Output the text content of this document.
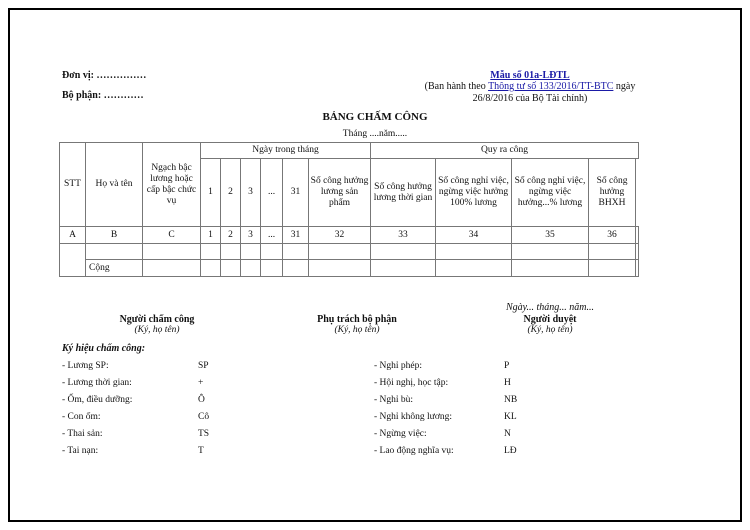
Đơn vị: ……………
Bộ phận: …………
Mẫu số 01a-LĐTL
(Ban hành theo Thông tư số 133/2016/TT-BTC ngày
26/8/2016 của Bộ Tài chính)
BẢNG CHẤM CÔNG
Tháng ....năm.....
STT	Họ và tên	Ngạch bậc lương hoặc cấp bậc chức vụ	Ngày trong tháng						Quy ra công				
			1	2	3	...	31	Số công hưởng lương sản phẩm	Số công hưởng lương thời gian	Số công nghỉ việc, ngừng việc hưởng 100% lương	Số công nghỉ việc, ngừng việc hưởng...% lương	Số công hưởng BHXH	
A	B	C	1	2	3	...	31	32	33	34	35	36	

	Cộng												
Ngày... tháng... năm...
Người chấm công
(Ký, họ tên)
Phụ trách bộ phận
(Ký, họ tên)
Người duyệt
(Ký, họ tên)
Ký hiệu chấm công:
- Lương SP:	SP	- Nghỉ phép:	P
- Lương thời gian:	+	- Hội nghị, học tập:	H
- Ốm, điều dưỡng:	Ô	- Nghỉ bù:	NB
- Con ốm:	Cô	- Nghỉ không lương:	KL
- Thai sản:	TS	- Ngừng việc:	N
- Tai nạn:	T	- Lao động nghĩa vụ:	LĐ
